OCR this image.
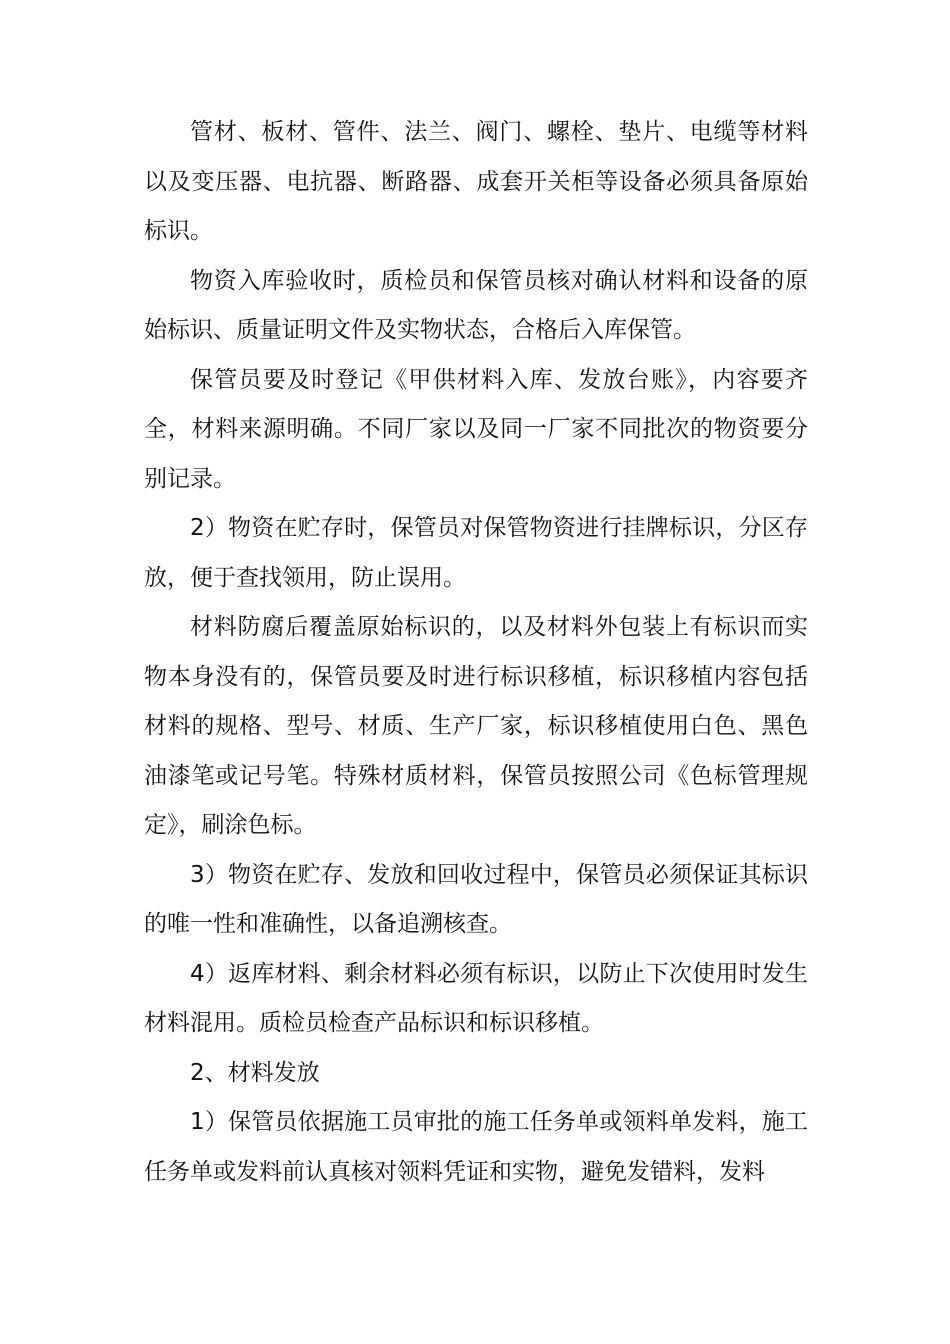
管材、板材、管件、法兰、阀门、螺栓、垫片、电缆等材料以及变压器、电抗器、断路器、成套开关柜等设备必须具备原始标识。

物资入库验收时，质检员和保管员核对确认材料和设备的原始标识、质量证明文件及实物状态，合格后入库保管。

保管员要及时登记《甲供材料入库、发放台账》，内容要齐全，材料来源明确。不同厂家以及同一厂家不同批次的物资要分别记录。

2）物资在贮存时，保管员对保管物资进行挂牌标识，分区存放，便于查找领用，防止误用。

材料防腐后覆盖原始标识的，以及材料外包装上有标识而实物本身没有的，保管员要及时进行标识移植，标识移植内容包括材料的规格、型号、材质、生产厂家，标识移植使用白色、黑色油漆笔或记号笔。特殊材质材料，保管员按照公司《色标管理规定》，刷涂色标。

3）物资在贮存、发放和回收过程中，保管员必须保证其标识的唯一性和准确性，以备追溯核查。

4）返库材料、剩余材料必须有标识，以防止下次使用时发生材料混用。质检员检查产品标识和标识移植。

2、材料发放

1）保管员依据施工员审批的施工任务单或领料单发料，施工任务单或发料前认真核对领料凭证和实物，避免发错料，发料
